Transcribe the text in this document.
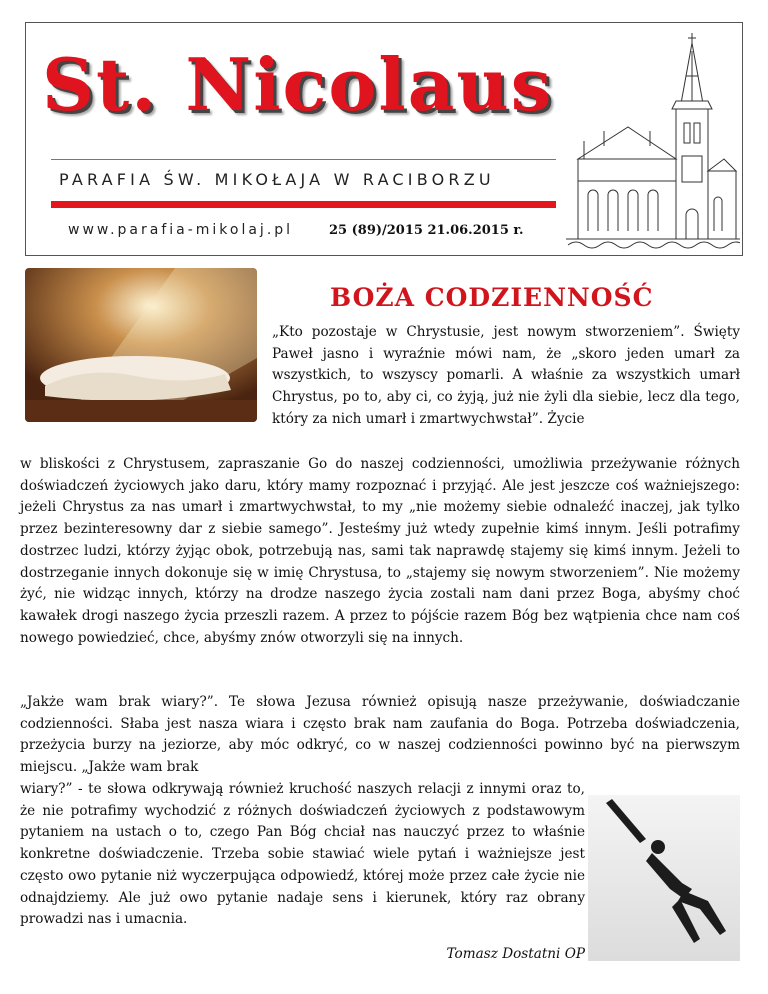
St. Nicolaus
PARAFIA ŚW. MIKOŁAJA W RACIBORZU
www.parafia-mikolaj.pl	25 (89)/2015 21.06.2015 r.
BOŻA CODZIENNOŚĆ

„Kto pozostaje w Chrystusie, jest nowym stworzeniem”. Święty Paweł jasno i wyraźnie mówi nam, że „skoro jeden umarł za wszystkich, to wszyscy pomarli. A właśnie za wszystkich umarł Chrystus, po to, aby ci, co żyją, już nie żyli dla siebie, lecz dla tego, który za nich umarł i zmartwychwstał”. Życie

w bliskości z Chrystusem, zapraszanie Go do naszej codzienności, umożliwia przeżywanie różnych doświadczeń życiowych jako daru, który mamy rozpoznać i przyjąć. Ale jest jeszcze coś ważniejszego: jeżeli Chrystus za nas umarł i zmartwychwstał, to my „nie możemy siebie odnaleźć inaczej, jak tylko przez bezinteresowny dar z siebie samego”. Jesteśmy już wtedy zupełnie kimś innym. Jeśli potrafimy dostrzec ludzi, którzy żyjąc obok, potrzebują nas, sami tak naprawdę stajemy się kimś innym. Jeżeli to dostrzeganie innych dokonuje się w imię Chrystusa, to „stajemy się nowym stworzeniem”. Nie możemy żyć, nie widząc innych, którzy na drodze naszego życia zostali nam dani przez Boga, abyśmy choć kawałek drogi naszego życia przeszli razem. A przez to pójście razem Bóg bez wątpienia chce nam coś nowego powiedzieć, chce, abyśmy znów otworzyli się na innych.

„Jakże wam brak wiary?”. Te słowa Jezusa również opisują nasze przeżywanie, doświadczanie codzienności. Słaba jest nasza wiara i często brak nam zaufania do Boga. Potrzeba doświadczenia, przeżycia burzy na jeziorze, aby móc odkryć, co w naszej codzienności powinno być na pierwszym miejscu. „Jakże wam brak

wiary?” - te słowa odkrywają również kruchość naszych relacji z innymi oraz to, że nie potrafimy wychodzić z różnych doświadczeń życiowych z podstawowym pytaniem na ustach o to, czego Pan Bóg chciał nas nauczyć przez to właśnie konkretne doświadczenie. Trzeba sobie stawiać wiele pytań i ważniejsze jest często owo pytanie niż wyczerpująca odpowiedź, której może przez całe życie nie odnajdziemy. Ale już owo pytanie nadaje sens i kierunek, który raz obrany prowadzi nas i umacnia.

Tomasz Dostatni OP
